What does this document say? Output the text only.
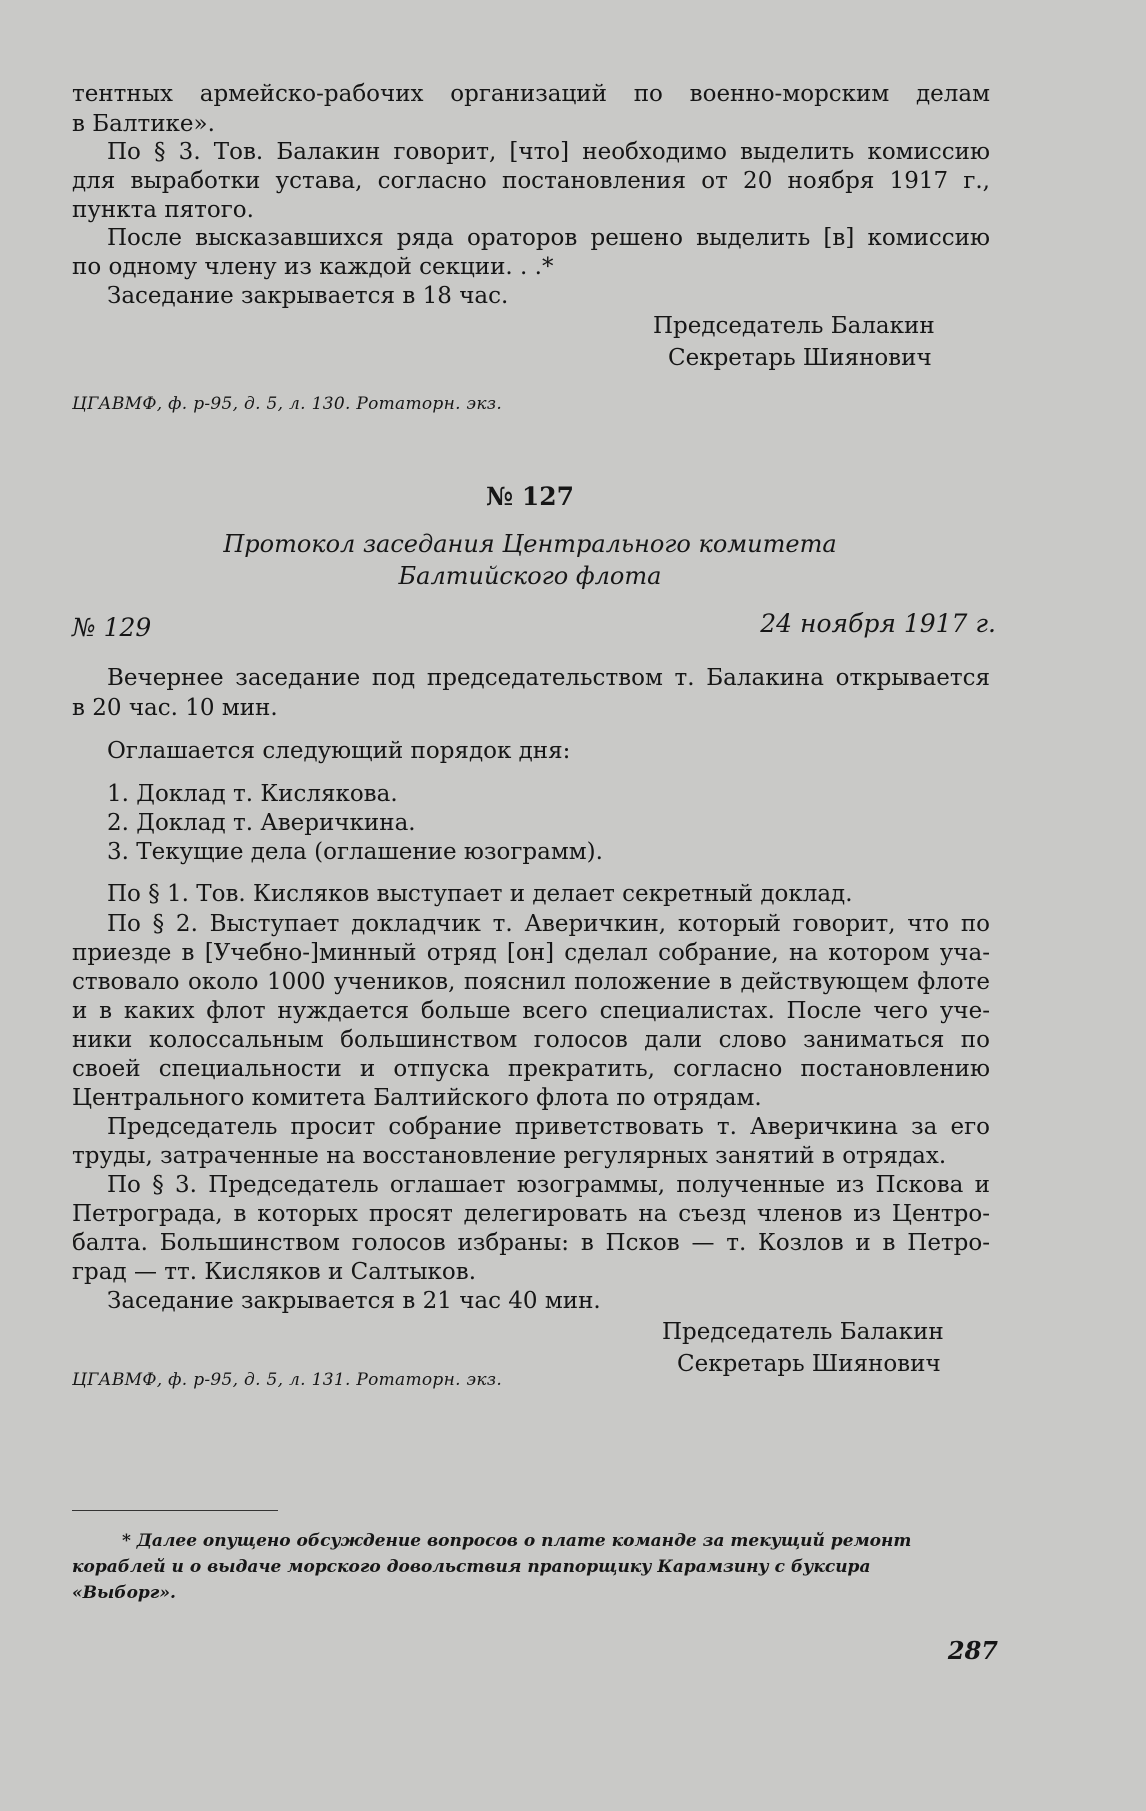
тентных армейско-рабочих организаций по военно-морским делам

в Балтике».

По § 3. Тов. Балакин говорит, [что] необходимо выделить комиссию

для выработки устава, согласно постановления от 20 ноября 1917 г.,

пункта пятого.

После высказавшихся ряда ораторов решено выделить [в] комиссию

по одному члену из каждой секции. . .*

Заседание закрывается в 18 час.

Председатель Балакин

Секретарь Шиянович

ЦГАВМФ, ф. р-95, д. 5, л. 130. Ротаторн. экз.

№ 127

Протокол заседания Центрального комитета

Балтийского флота

№ 129	24 ноября 1917 г.

Вечернее заседание под председательством т. Балакина открывается

в 20 час. 10 мин.

Оглашается следующий порядок дня:

1. Доклад т. Кислякова.

2. Доклад т. Аверичкина.

3. Текущие дела (оглашение юзограмм).

По § 1. Тов. Кисляков выступает и делает секретный доклад.

По § 2. Выступает докладчик т. Аверичкин, который говорит, что по

приезде в [Учебно-]минный отряд [он] сделал собрание, на котором уча-

ствовало около 1000 учеников, пояснил положение в действующем флоте

и в каких флот нуждается больше всего специалистах. После чего уче-

ники колоссальным большинством голосов дали слово заниматься по

своей специальности и отпуска прекратить, согласно постановлению

Центрального комитета Балтийского флота по отрядам.

Председатель просит собрание приветствовать т. Аверичкина за его

труды, затраченные на восстановление регулярных занятий в отрядах.

По § 3. Председатель оглашает юзограммы, полученные из Пскова и

Петрограда, в которых просят делегировать на съезд членов из Центро-

балта. Большинством голосов избраны: в Псков — т. Козлов и в Петро-

град — тт. Кисляков и Салтыков.

Заседание закрывается в 21 час 40 мин.

Председатель Балакин

Секретарь Шиянович

ЦГАВМФ, ф. р-95, д. 5, л. 131. Ротаторн. экз.

* Далее опущено обсуждение вопросов о плате команде за текущий ремонт
кораблей и о выдаче морского довольствия прапорщику Карамзину с буксира
«Выборг».

287
